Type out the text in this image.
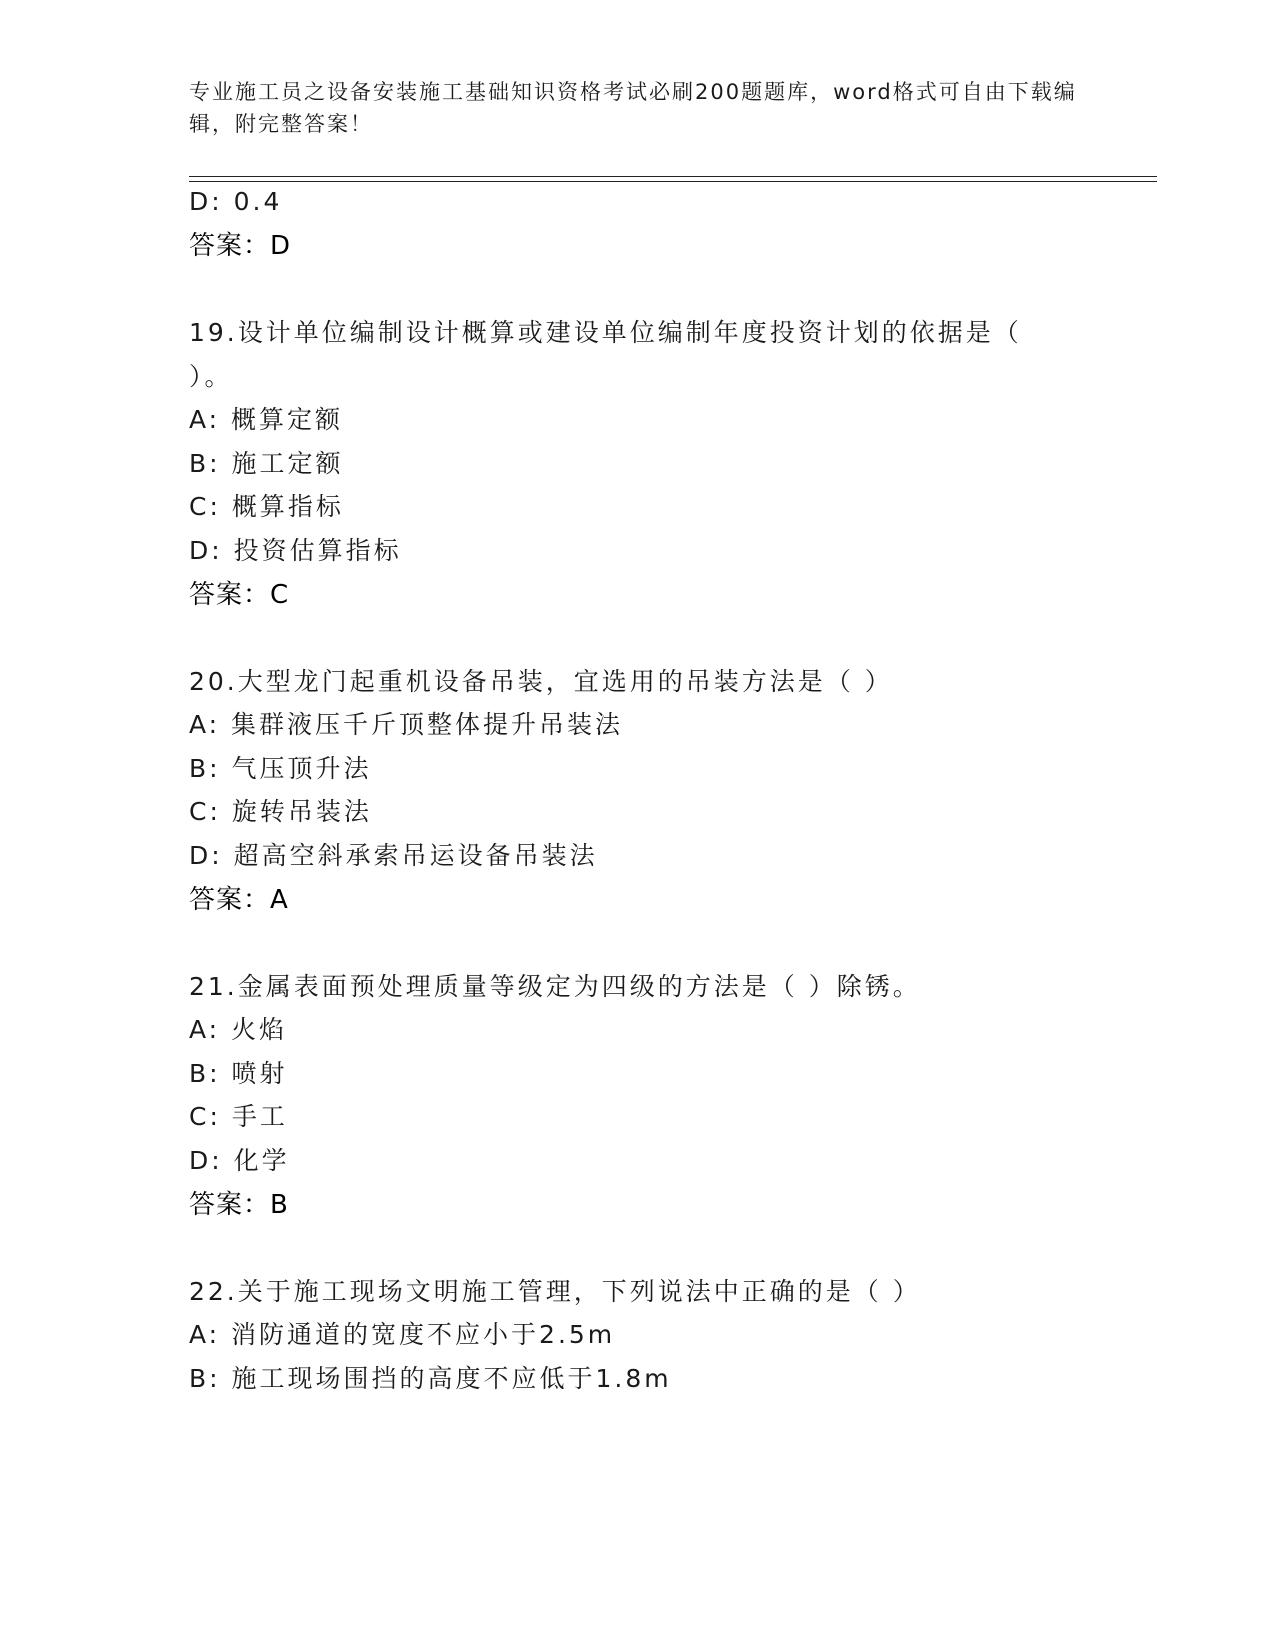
专业施工员之设备安装施工基础知识资格考试必刷200题题库，word格式可自由下载编辑，附完整答案！
D: 0.4
答案：D
19.设计单位编制设计概算或建设单位编制年度投资计划的依据是（
）。
A: 概算定额
B: 施工定额
C: 概算指标
D: 投资估算指标
答案：C
20.大型龙门起重机设备吊装，宜选用的吊装方法是（ ）
A: 集群液压千斤顶整体提升吊装法
B: 气压顶升法
C: 旋转吊装法
D: 超高空斜承索吊运设备吊装法
答案：A
21.金属表面预处理质量等级定为四级的方法是（ ）除锈。
A: 火焰
B: 喷射
C: 手工
D: 化学
答案：B
22.关于施工现场文明施工管理，下列说法中正确的是（ ）
A: 消防通道的宽度不应小于2.5m
B: 施工现场围挡的高度不应低于1.8m
